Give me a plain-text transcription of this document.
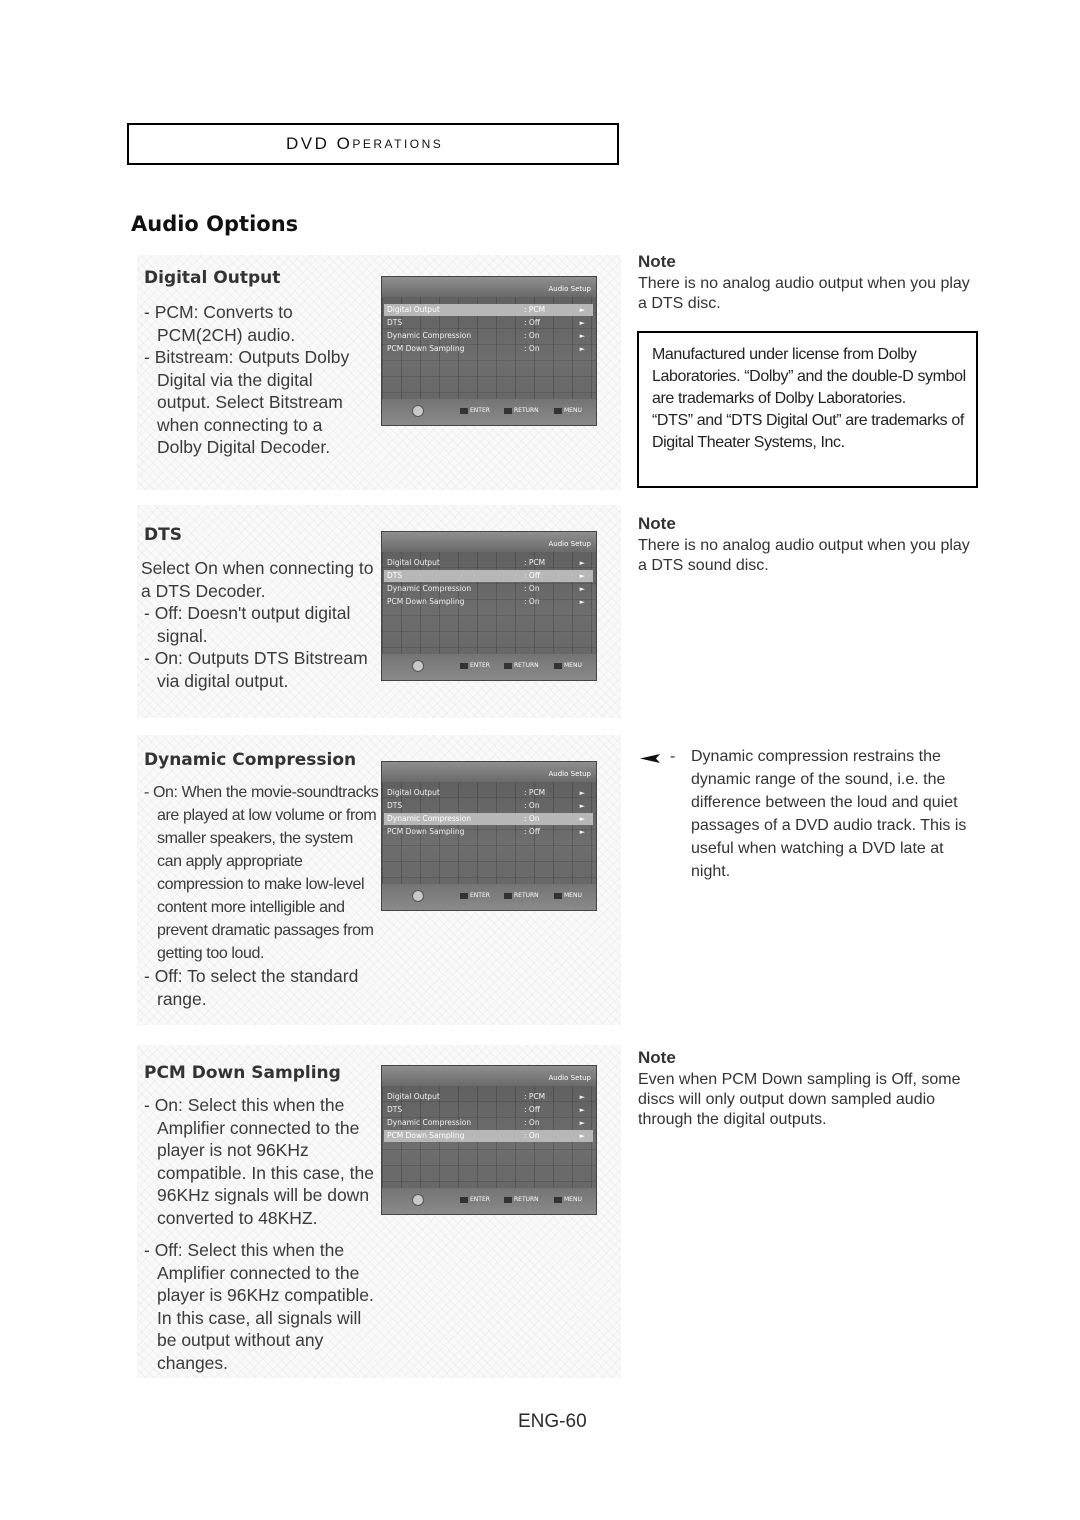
DVD O PERATIONS
Audio Options
Digital Output

- PCM: Converts to PCM(2CH) audio.

- Bitstream: Outputs Dolby Digital via the digital output. Select Bitstream when connecting to a Dolby Digital Decoder.

Audio Setup
Digital Output	: PCM	►
DTS	: Off	►
Dynamic Compression	: On	►
PCM Down Sampling	: On	►
ENTER	RETURN	MENU
DTS

Select On when connecting to a DTS Decoder.

- Off: Doesn't output digital signal.

- On: Outputs DTS Bitstream via digital output.

Audio Setup
Digital Output	: PCM	►
DTS	: Off	►
Dynamic Compression	: On	►
PCM Down Sampling	: On	►
ENTER	RETURN	MENU
Dynamic Compression

- On: When the movie-soundtracks are played at low volume or from smaller speakers, the system can apply appropriate compression to make low-level content more intelligible and prevent dramatic passages from getting too loud.

- Off: To select the standard range.

Audio Setup
Digital Output	: PCM	►
DTS	: On	►
Dynamic Compression	: On	►
PCM Down Sampling	: Off	►
ENTER	RETURN	MENU
PCM Down Sampling

- On: Select this when the Amplifier connected to the player is not 96KHz compatible. In this case, the 96KHz signals will be down converted to 48KHZ.

- Off: Select this when the Amplifier connected to the player is 96KHz compatible. In this case, all signals will be output without any changes.

Audio Setup
Digital Output	: PCM	►
DTS	: Off	►
Dynamic Compression	: On	►
PCM Down Sampling	: On	►
ENTER	RETURN	MENU

Note

There is no analog audio output when you play a DTS disc.

Manufactured under license from Dolby Laboratories. “Dolby” and the double-D symbol are trademarks of Dolby Laboratories.

“DTS” and “DTS Digital Out” are trademarks of Digital Theater Systems, Inc.

Note

There is no analog audio output when you play a DTS sound disc.

- Dynamic compression restrains the dynamic range of the sound, i.e. the difference between the loud and quiet passages of a DVD audio track. This is useful when watching a DVD late at night.

Note

Even when PCM Down sampling is Off, some discs will only output down sampled audio through the digital outputs.

ENG-60
